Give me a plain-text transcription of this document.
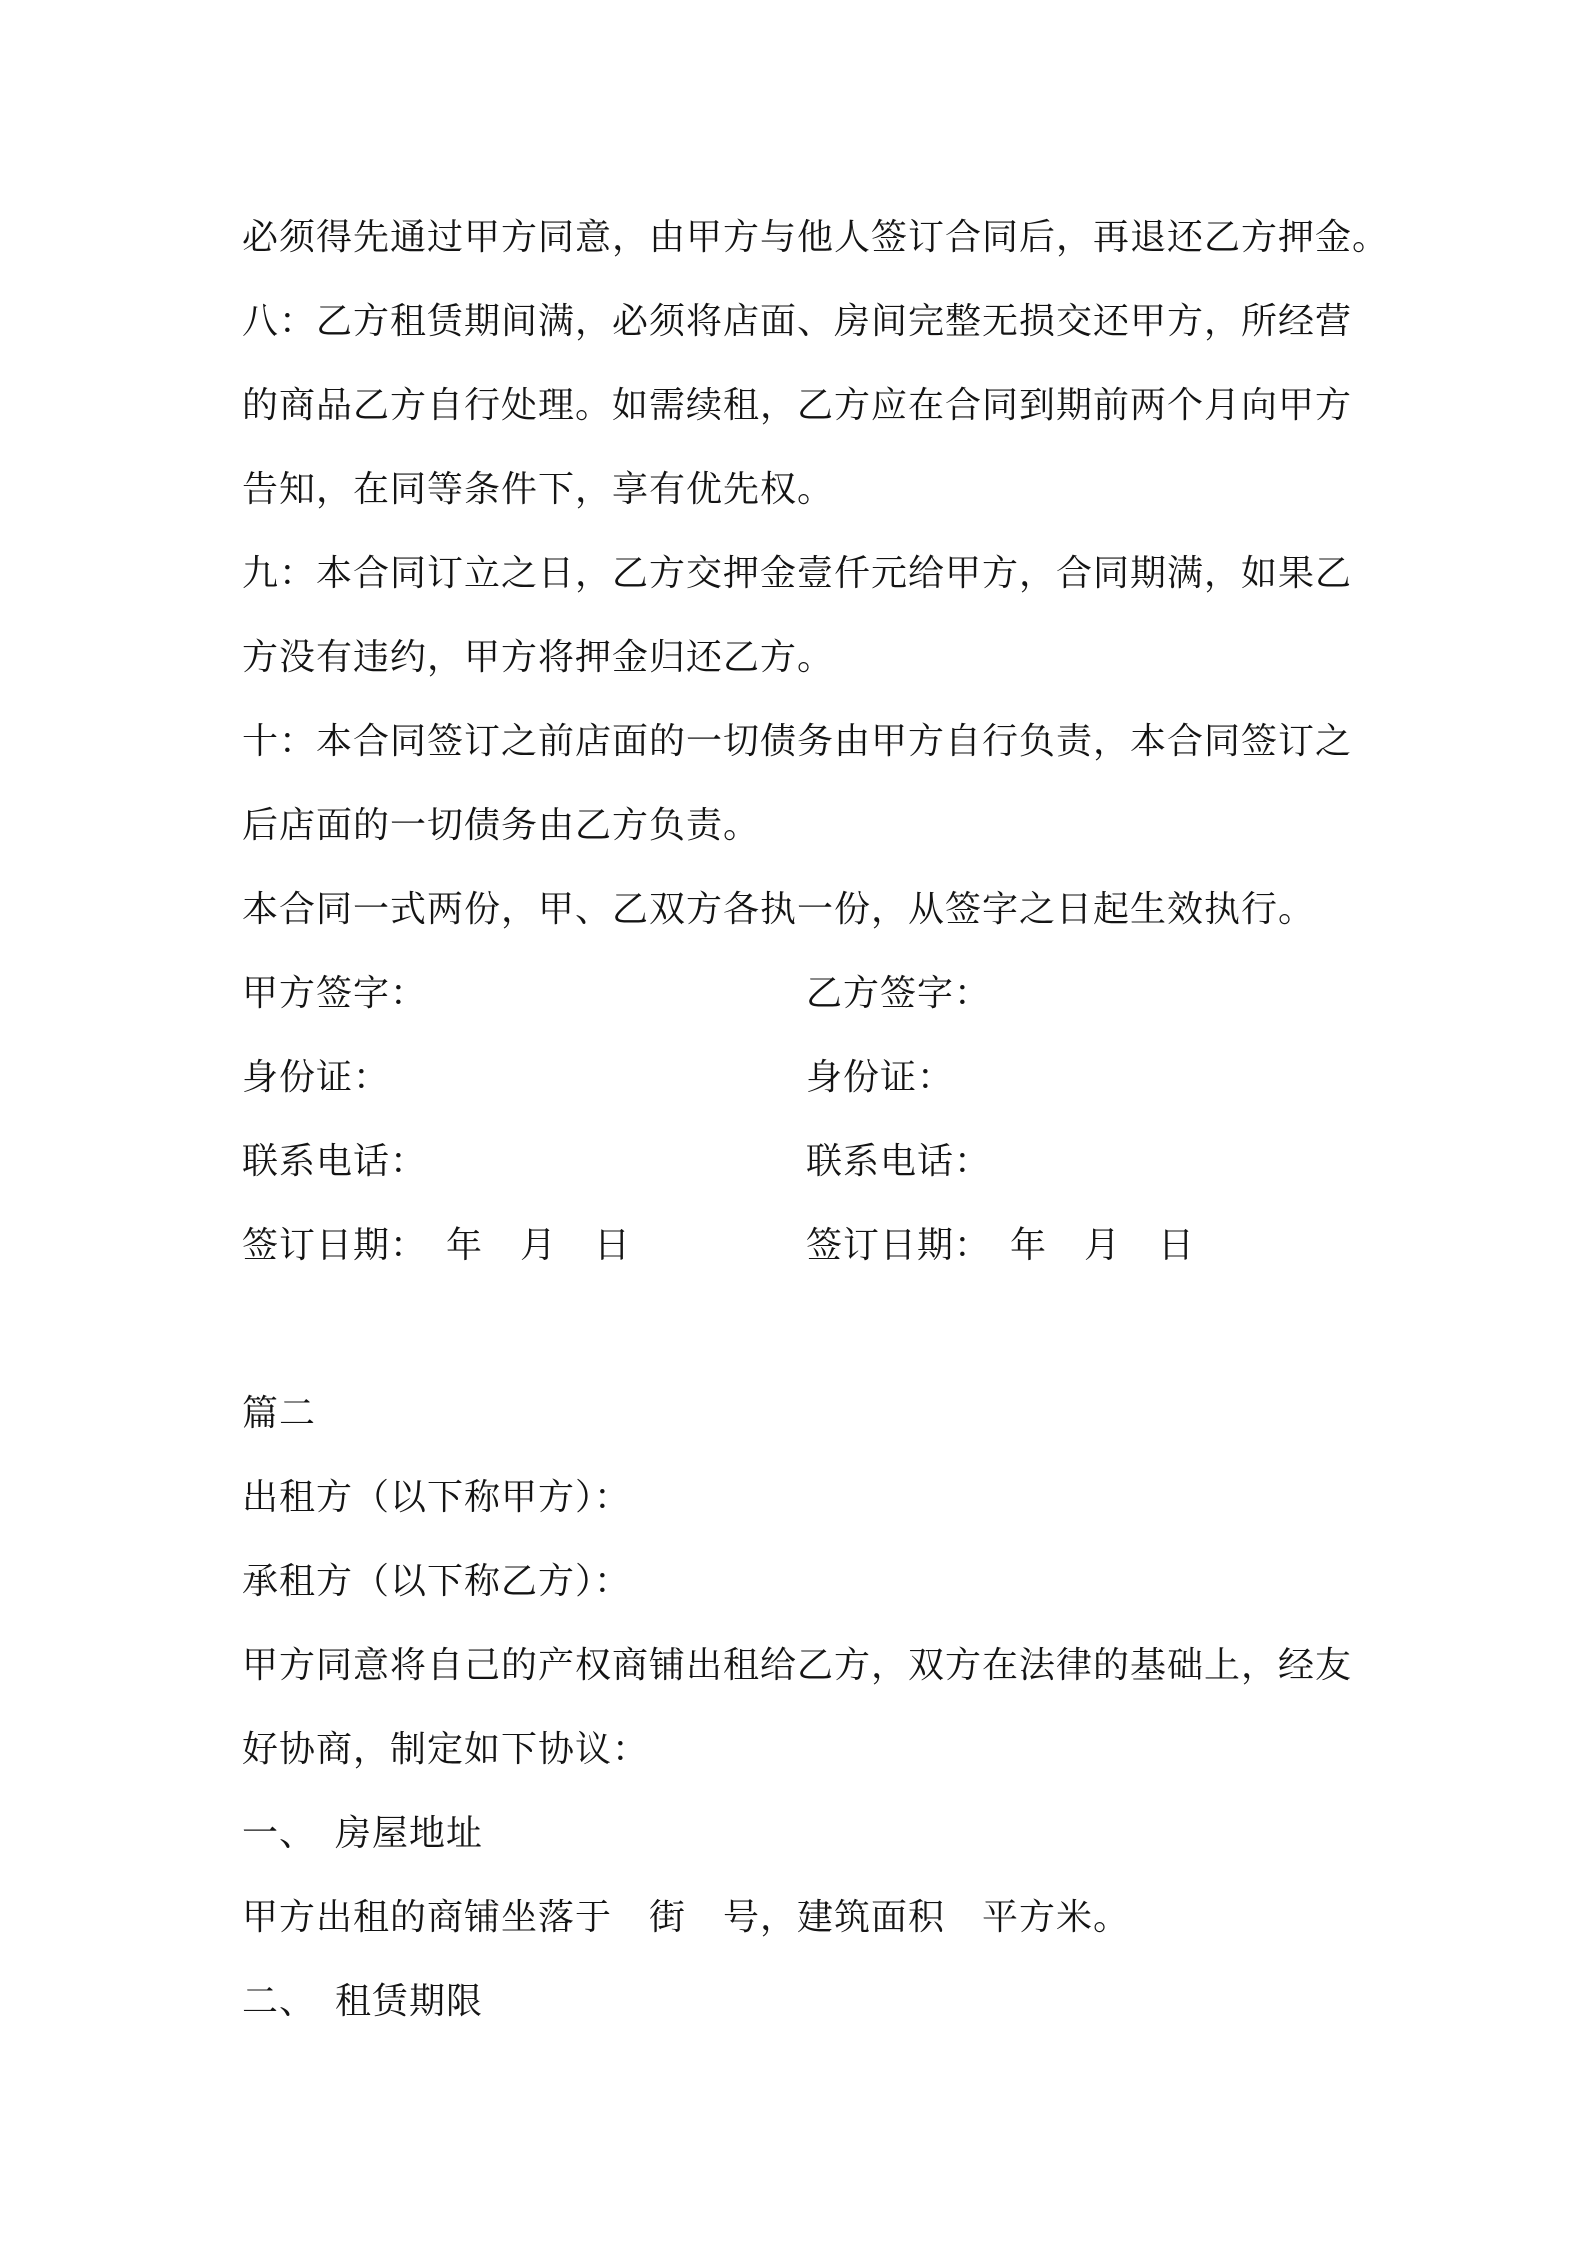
必须得先通过甲方同意，由甲方与他人签订合同后，再退还乙方押金。
八：乙方租赁期间满，必须将店面、房间完整无损交还甲方，所经营
的商品乙方自行处理。如需续租，乙方应在合同到期前两个月向甲方
告知，在同等条件下，享有优先权。
九：本合同订立之日，乙方交押金壹仟元给甲方，合同期满，如果乙
方没有违约，甲方将押金归还乙方。
十：本合同签订之前店面的一切债务由甲方自行负责，本合同签订之
后店面的一切债务由乙方负责。
本合同一式两份，甲、乙双方各执一份，从签字之日起生效执行。
甲方签字：	乙方签字：
身份证：	身份证：
联系电话：	联系电话：
签订日期：　年　月　日	签订日期：　年　月　日
篇二
出租方（以下称甲方）：
承租方（以下称乙方）：
甲方同意将自己的产权商铺出租给乙方，双方在法律的基础上，经友
好协商，制定如下协议：
一、　房屋地址
甲方出租的商铺坐落于　街　号，建筑面积　平方米。
二、　租赁期限
